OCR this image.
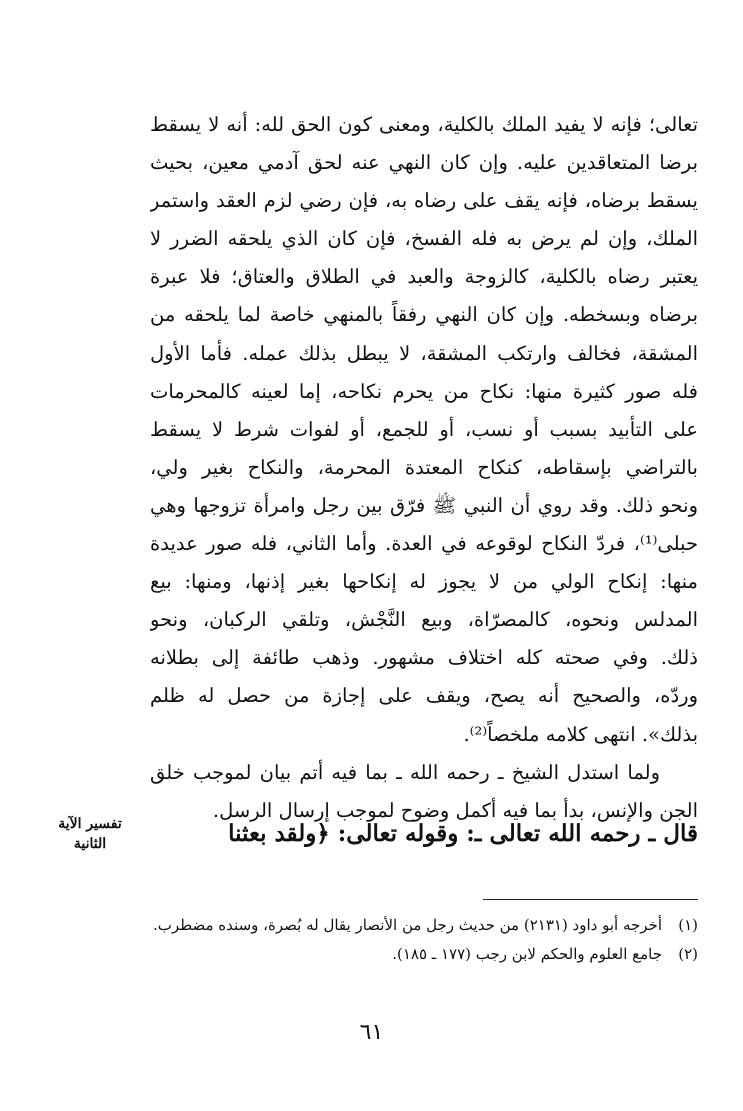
تعالى؛ فإنه لا يفيد الملك بالكلية، ومعنى كون الحق لله: أنه لا يسقط
برضا المتعاقدين عليه. وإن كان النهي عنه لحق آدمي معين، بحيث
يسقط برضاه، فإنه يقف على رضاه به، فإن رضي لزم العقد واستمر
الملك، وإن لم يرض به فله الفسخ، فإن كان الذي يلحقه الضرر لا
يعتبر رضاه بالكلية، كالزوجة والعبد في الطلاق والعتاق؛ فلا عبرة
برضاه وبسخطه. وإن كان النهي رفقاً بالمنهي خاصة لما يلحقه من
المشقة، فخالف وارتكب المشقة، لا يبطل بذلك عمله. فأما الأول
فله صور كثيرة منها: نكاح من يحرم نكاحه، إما لعينه كالمحرمات
على التأبيد بسبب أو نسب، أو للجمع، أو لفوات شرط لا يسقط
بالتراضي بإسقاطه، كنكاح المعتدة المحرمة، والنكاح بغير ولي،
ونحو ذلك. وقد روي أن النبي ﷺ فرّق بين رجل وامرأة تزوجها وهي
حبلى⁽¹⁾، فردّ النكاح لوقوعه في العدة. وأما الثاني، فله صور عديدة
منها: إنكاح الولي من لا يجوز له إنكاحها بغير إذنها، ومنها: بيع
المدلس ونحوه، كالمصرّاة، وبيع النَّجْش، وتلقي الركبان، ونحو
ذلك. وفي صحته كله اختلاف مشهور. وذهب طائفة إلى بطلانه
وردّه، والصحيح أنه يصح، ويقف على إجازة من حصل له ظلم
بذلك». انتهى كلامه ملخصاً⁽²⁾.
ولما استدل الشيخ ـ رحمه الله ـ بما فيه أتم بيان لموجب خلق
الجن والإنس، بدأ بما فيه أكمل وضوح لموجب إرسال الرسل.
قال ـ رحمه الله تعالى ـ: وقوله تعالى: ﴿ولقد بعثنا
تفسير الآية
الثانية
(١)
أخرجه أبو داود (٢١٣١) من حديث رجل من الأنصار يقال له بُصرة، وسنده مضطرب.
(٢)
جامع العلوم والحكم لابن رجب (١٧٧ ـ ١٨٥).
٦١
